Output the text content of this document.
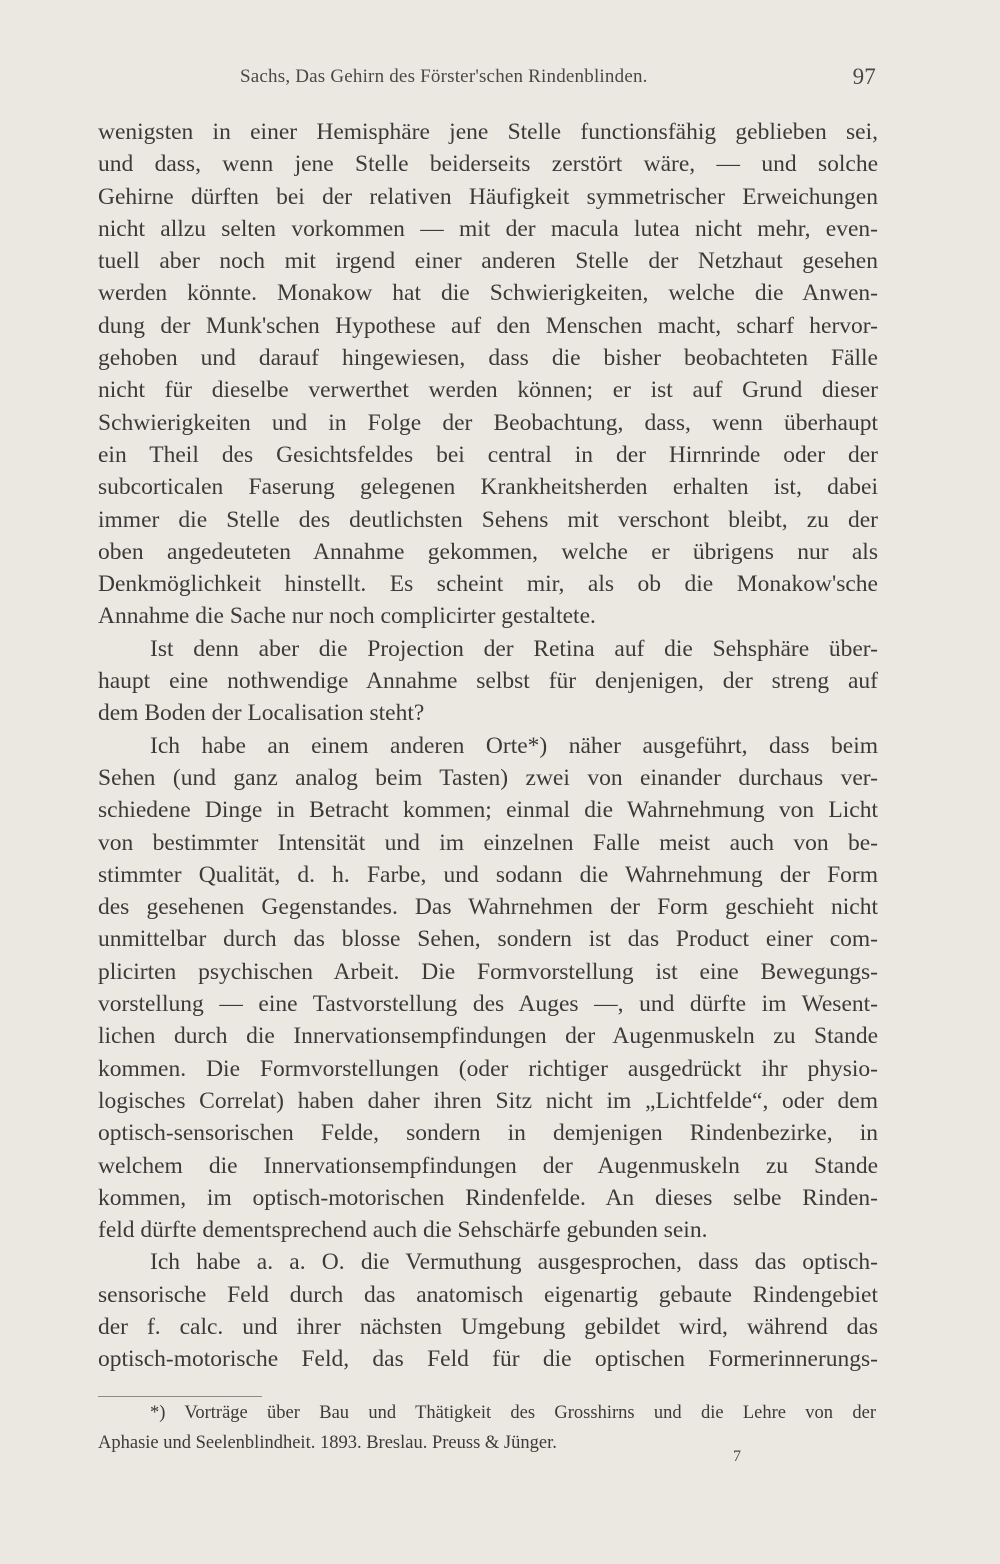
Sachs, Das Gehirn des Förster'schen Rindenblinden.	97
wenigsten in einer Hemisphäre jene Stelle functionsfähig geblieben sei,
und dass, wenn jene Stelle beiderseits zerstört wäre, — und solche
Gehirne dürften bei der relativen Häufigkeit symmetrischer Erweichungen
nicht allzu selten vorkommen — mit der macula lutea nicht mehr, even-
tuell aber noch mit irgend einer anderen Stelle der Netzhaut gesehen
werden könnte. Monakow hat die Schwierigkeiten, welche die Anwen-
dung der Munk'schen Hypothese auf den Menschen macht, scharf hervor-
gehoben und darauf hingewiesen, dass die bisher beobachteten Fälle
nicht für dieselbe verwerthet werden können; er ist auf Grund dieser
Schwierigkeiten und in Folge der Beobachtung, dass, wenn überhaupt
ein Theil des Gesichtsfeldes bei central in der Hirnrinde oder der
subcorticalen Faserung gelegenen Krankheitsherden erhalten ist, dabei
immer die Stelle des deutlichsten Sehens mit verschont bleibt, zu der
oben angedeuteten Annahme gekommen, welche er übrigens nur als
Denkmöglichkeit hinstellt. Es scheint mir, als ob die Monakow'sche
Annahme die Sache nur noch complicirter gestaltete.
Ist denn aber die Projection der Retina auf die Sehsphäre über-
haupt eine nothwendige Annahme selbst für denjenigen, der streng auf
dem Boden der Localisation steht?
Ich habe an einem anderen Orte*) näher ausgeführt, dass beim
Sehen (und ganz analog beim Tasten) zwei von einander durchaus ver-
schiedene Dinge in Betracht kommen; einmal die Wahrnehmung von Licht
von bestimmter Intensität und im einzelnen Falle meist auch von be-
stimmter Qualität, d. h. Farbe, und sodann die Wahrnehmung der Form
des gesehenen Gegenstandes. Das Wahrnehmen der Form geschieht nicht
unmittelbar durch das blosse Sehen, sondern ist das Product einer com-
plicirten psychischen Arbeit. Die Formvorstellung ist eine Bewegungs-
vorstellung — eine Tastvorstellung des Auges —, und dürfte im Wesent-
lichen durch die Innervationsempfindungen der Augenmuskeln zu Stande
kommen. Die Formvorstellungen (oder richtiger ausgedrückt ihr physio-
logisches Correlat) haben daher ihren Sitz nicht im „Lichtfelde“, oder dem
optisch-sensorischen Felde, sondern in demjenigen Rindenbezirke, in
welchem die Innervationsempfindungen der Augenmuskeln zu Stande
kommen, im optisch-motorischen Rindenfelde. An dieses selbe Rinden-
feld dürfte dementsprechend auch die Sehschärfe gebunden sein.
Ich habe a. a. O. die Vermuthung ausgesprochen, dass das optisch-
sensorische Feld durch das anatomisch eigenartig gebaute Rindengebiet
der f. calc. und ihrer nächsten Umgebung gebildet wird, während das
optisch-motorische Feld, das Feld für die optischen Formerinnerungs-
*) Vorträge über Bau und Thätigkeit des Grosshirns und die Lehre von der
Aphasie und Seelenblindheit. 1893. Breslau. Preuss & Jünger.
7
